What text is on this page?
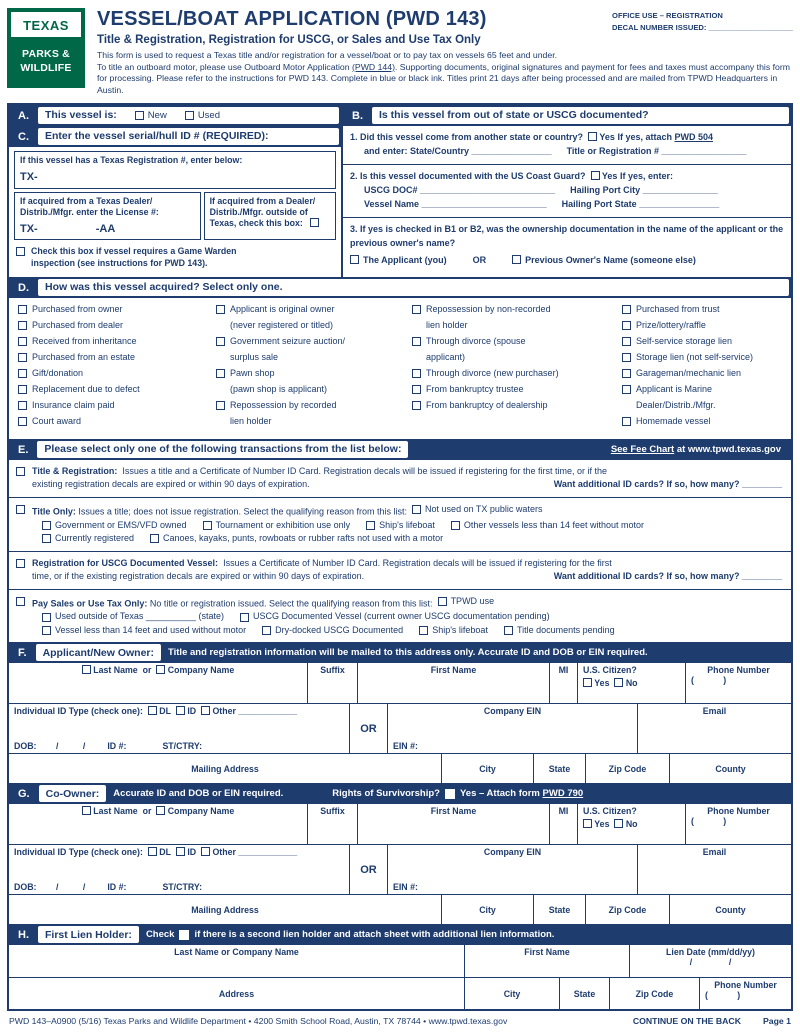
TEXAS
PARKS &
WILDLIFE
VESSEL/BOAT APPLICATION (PWD 143)
Title & Registration, Registration for USCG, or Sales and Use Tax Only
OFFICE USE – REGISTRATION
DECAL NUMBER ISSUED: ____________________

This form is used to request a Texas title and/or registration for a vessel/boat or to pay tax on vessels 65 feet and under.

To title an outboard motor, please use Outboard Motor Application (PWD 144). Supporting documents, original signatures and payment for fees and taxes must accompany this form for processing. Please refer to the instructions for PWD 143. Complete in blue or black ink. Titles print 21 days after being processed and are mailed from TPWD Headquarters in Austin.

A.	This vessel is:	New	Used
C.	Enter the vessel serial/hull ID # (REQUIRED):
If this vessel has a Texas Registration #, enter below:
TX-
If acquired from a Texas Dealer/ Distrib./Mfgr. enter the License #:
TX-	-AA
If acquired from a Dealer/ Distrib./Mfgr. outside of Texas, check this box:
Check this box if vessel requires a Game Warden inspection (see instructions for PWD 143).
B.	Is this vessel from out of state or USCG documented?
1. Did this vessel come from another state or country? Yes If yes, attach PWD 504
and enter: State/Country ________________      Title or Registration # _________________
2. Is this vessel documented with the US Coast Guard? Yes If yes, enter:
USCG DOC# ___________________________      Hailing Port City _______________
Vessel Name _________________________      Hailing Port State ________________
3. If yes is checked in B1 or B2, was the ownership documentation in the name of the applicant or the previous owner's name?
The Applicant (you)	OR	Previous Owner's Name (someone else)
D.	How was this vessel acquired? Select only one.
Purchased from owner
Purchased from dealer
Received from inheritance
Purchased from an estate
Gift/donation
Replacement due to defect
Insurance claim paid
Court award
Applicant is original owner
(never registered or titled)
Government seizure auction/
surplus sale
Pawn shop
(pawn shop is applicant)
Repossession by recorded
lien holder
Repossession by non-recorded
lien holder
Through divorce (spouse
applicant)
Through divorce (new purchaser)
From bankruptcy trustee
From bankruptcy of dealership
Purchased from trust
Prize/lottery/raffle
Self-service storage lien
Storage lien (not self-service)
Garageman/mechanic lien
Applicant is Marine
Dealer/Distrib./Mfgr.
Homemade vessel
E.	Please select only one of the following transactions from the list below:	See Fee Chart at www.tpwd.texas.gov
Title & Registration: Issues a title and a Certificate of Number ID Card. Registration decals will be issued if registering for the first time, or if the
existing registration decals are expired or within 90 days of expiration.	Want additional ID cards? If so, how many? ________
Title Only: Issues a title; does not issue registration. Select the qualifying reason from this list: Not used on TX public waters
Government or EMS/VFD owned	Tournament or exhibition use only	Ship's lifeboat	Other vessels less than 14 feet without motor
Currently registered	Canoes, kayaks, punts, rowboats or rubber rafts not used with a motor
Registration for USCG Documented Vessel: Issues a Certificate of Number ID Card. Registration decals will be issued if registering for the first
time, or if the existing registration decals are expired or within 90 days of expiration.	Want additional ID cards? If so, how many? ________
Pay Sales or Use Tax Only: No title or registration issued. Select the qualifying reason from this list: TPWD use
Used outside of Texas __________ (state)	USCG Documented Vessel (current owner USCG documentation pending)
Vessel less than 14 feet and used without motor	Dry-docked USCG Documented	Ship's lifeboat	Title documents pending
F.	Applicant/New Owner:	Title and registration information will be mailed to this address only. Accurate ID and DOB or EIN required.
Last Name or Company Name	Suffix	First Name	MI U.S. Citizen?
Yes No
Phone Number
(            )
Individual ID Type (check one): DL ID Other ____________
DOB:        /          /	ID #:	ST/CTRY:
OR
Company EIN
EIN #:
Email
Mailing Address	City	State	Zip Code	County
G.	Co-Owner:	Accurate ID and DOB or EIN required.	Rights of Survivorship? Yes – Attach form PWD 790
Last Name or Company Name	Suffix	First Name	MI U.S. Citizen?
Yes No
Phone Number
(            )
Individual ID Type (check one): DL ID Other ____________
DOB:        /          /	ID #:	ST/CTRY:
OR
Company EIN
EIN #:
Email
Mailing Address	City	State	Zip Code	County
H.	First Lien Holder:	Check if there is a second lien holder and attach sheet with additional lien information.
Last Name or Company Name	First Name	Lien Date (mm/dd/yy)
/               /
Address	City	State	Zip Code
Phone Number
(            )
PWD 143–A0900 (5/16) Texas Parks and Wildlife Department • 4200 Smith School Road, Austin, TX 78744 • www.tpwd.texas.gov	CONTINUE ON THE BACK	Page 1
